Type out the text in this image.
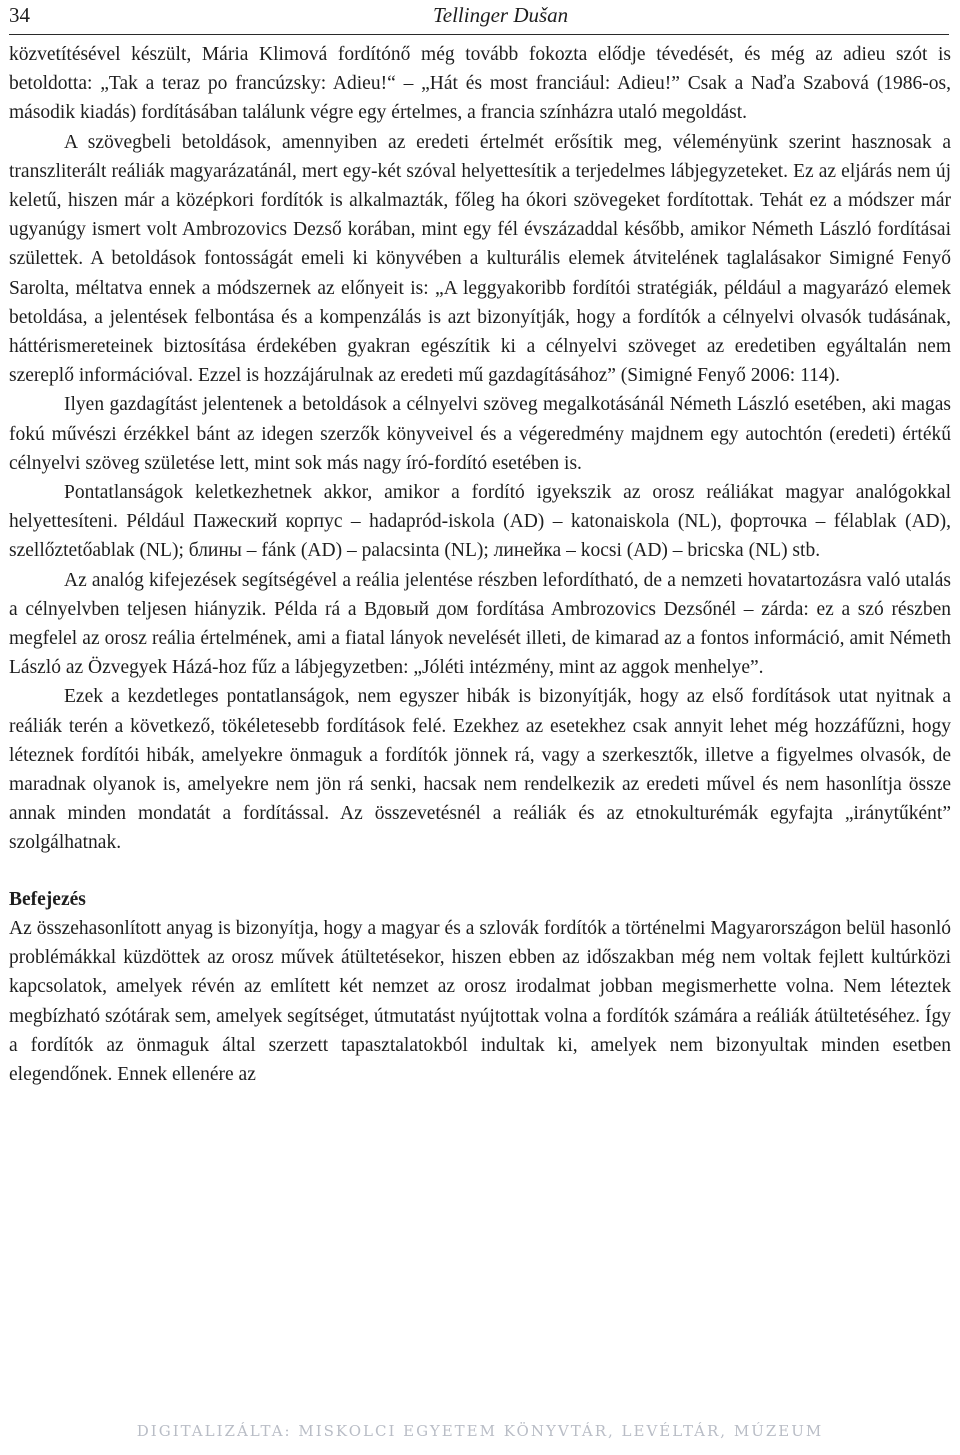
34	Tellinger Dušan

közvetítésével készült, Mária Klimová fordítónő még tovább fokozta elődje tévedését, és még az adieu szót is betoldotta: „Tak a teraz po francúzsky: Adieu!“ – „Hát és most franciául: Adieu!” Csak a Naďa Szabová (1986-os, második kiadás) fordításában találunk végre egy értelmes, a francia színházra utaló megoldást.

A szövegbeli betoldások, amennyiben az eredeti értelmét erősítik meg, véleményünk szerint hasznosak a transzliterált reáliák magyarázatánál, mert egy-két szóval helyettesítik a terjedelmes lábjegyzeteket. Ez az eljárás nem új keletű, hiszen már a középkori fordítók is alkalmazták, főleg ha ókori szövegeket fordítottak. Tehát ez a módszer már ugyanúgy ismert volt Ambrozovics Dezső korában, mint egy fél évszázaddal később, amikor Németh László fordításai születtek. A betoldások fontosságát emeli ki könyvében a kulturális elemek átvitelének taglalásakor Simigné Fenyő Sarolta, méltatva ennek a módszernek az előnyeit is: „A leggyakoribb fordítói stratégiák, például a magyarázó elemek betoldása, a jelentések felbontása és a kompenzálás is azt bizonyítják, hogy a fordítók a célnyelvi olvasók tudásának, háttérismereteinek biztosítása érdekében gyakran egészítik ki a célnyelvi szöveget az eredetiben egyáltalán nem szereplő információval. Ezzel is hozzájárulnak az eredeti mű gazdagításához” (Simigné Fenyő 2006: 114).

Ilyen gazdagítást jelentenek a betoldások a célnyelvi szöveg megalkotásánál Németh László esetében, aki magas fokú művészi érzékkel bánt az idegen szerzők könyveivel és a végeredmény majdnem egy autochtón (eredeti) értékű célnyelvi szöveg születése lett, mint sok más nagy író-fordító esetében is.

Pontatlanságok keletkezhetnek akkor, amikor a fordító igyekszik az orosz reáliákat magyar analógokkal helyettesíteni. Például Пажеский корпус – hadapród-iskola (AD) – katonaiskola (NL), форточка – félablak (AD), szellőztetőablak (NL); блины – fánk (AD) – palacsinta (NL); линейка – kocsi (AD) – bricska (NL) stb.

Az analóg kifejezések segítségével a reália jelentése részben lefordítható, de a nemzeti hovatartozásra való utalás a célnyelvben teljesen hiányzik. Példa rá a Вдовый дом fordítása Ambrozovics Dezsőnél – zárda: ez a szó részben megfelel az orosz reália értelmének, ami a fiatal lányok nevelését illeti, de kimarad az a fontos információ, amit Németh László az Özvegyek Házá-hoz fűz a lábjegyzetben: „Jóléti intézmény, mint az aggok menhelye”.

Ezek a kezdetleges pontatlanságok, nem egyszer hibák is bizonyítják, hogy az első fordítások utat nyitnak a reáliák terén a következő, tökéletesebb fordítások felé. Ezekhez az esetekhez csak annyit lehet még hozzáfűzni, hogy léteznek fordítói hibák, amelyekre önmaguk a fordítók jönnek rá, vagy a szerkesztők, illetve a figyelmes olvasók, de maradnak olyanok is, amelyekre nem jön rá senki, hacsak nem rendelkezik az eredeti művel és nem hasonlítja össze annak minden mondatát a fordítással. Az összevetésnél a reáliák és az etnokulturémák egyfajta „iránytűként” szolgálhatnak.

Befejezés

Az összehasonlított anyag is bizonyítja, hogy a magyar és a szlovák fordítók a történelmi Magyarországon belül hasonló problémákkal küzdöttek az orosz művek átültetésekor, hiszen ebben az időszakban még nem voltak fejlett kultúrközi kapcsolatok, amelyek révén az említett két nemzet az orosz irodalmat jobban megismerhette volna. Nem léteztek megbízható szótárak sem, amelyek segítséget, útmutatást nyújtottak volna a fordítók számára a reáliák átültetéséhez. Így a fordítók az önmaguk által szerzett tapasztalatokból indultak ki, amelyek nem bizonyultak minden esetben elegendőnek. Ennek ellenére az

DIGITALIZÁLTA: MISKOLCI EGYETEM KÖNYVTÁR, LEVÉLTÁR, MÚZEUM
